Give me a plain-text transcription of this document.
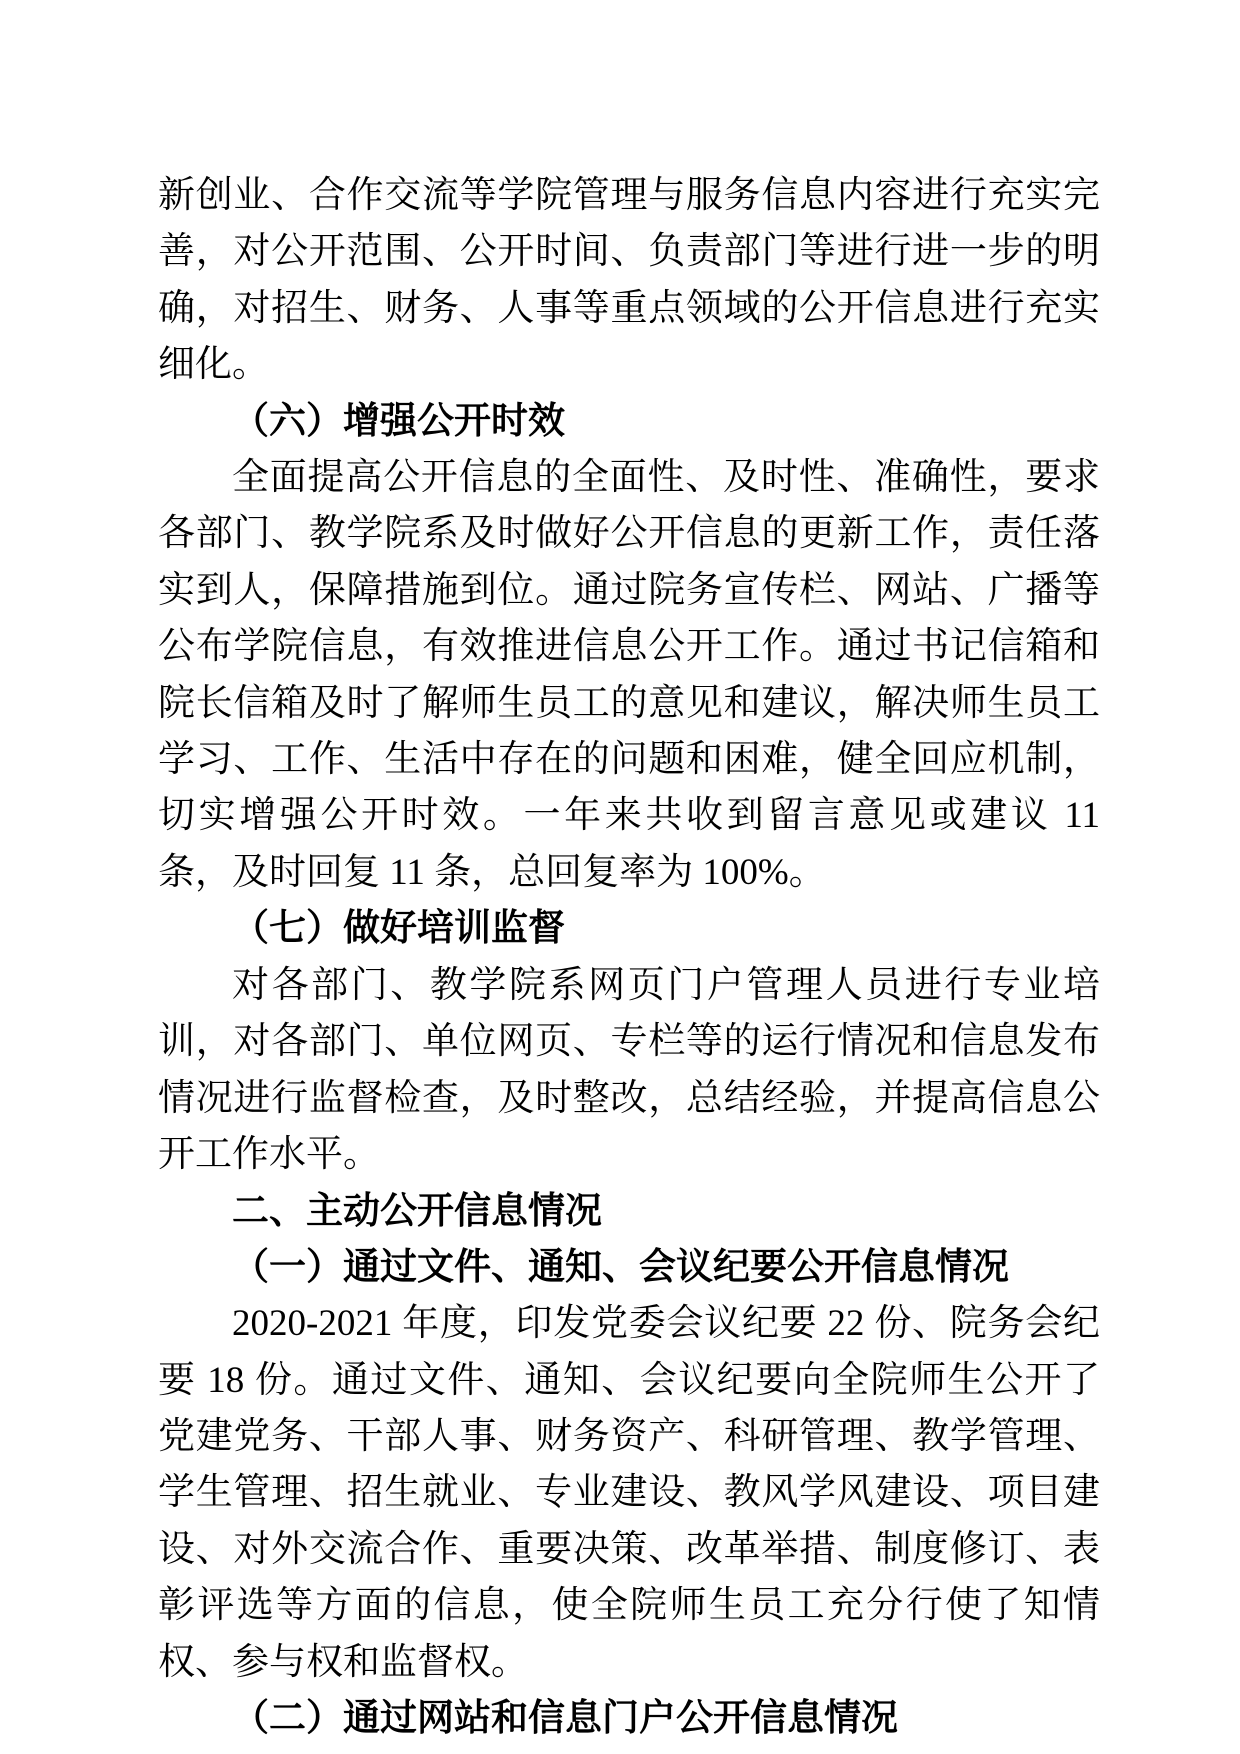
新创业、合作交流等学院管理与服务信息内容进行充实完善，对公开范围、公开时间、负责部门等进行进一步的明确，对招生、财务、人事等重点领域的公开信息进行充实细化。

（六）增强公开时效

全面提高公开信息的全面性、及时性、准确性，要求各部门、教学院系及时做好公开信息的更新工作，责任落实到人，保障措施到位。通过院务宣传栏、网站、广播等公布学院信息，有效推进信息公开工作。通过书记信箱和院长信箱及时了解师生员工的意见和建议，解决师生员工学习、工作、生活中存在的问题和困难，健全回应机制，切实增强公开时效。一年来共收到留言意见或建议 11 条，及时回复 11 条，总回复率为 100%。

（七）做好培训监督

对各部门、教学院系网页门户管理人员进行专业培训，对各部门、单位网页、专栏等的运行情况和信息发布情况进行监督检查，及时整改，总结经验，并提高信息公开工作水平。

二、主动公开信息情况

（一）通过文件、通知、会议纪要公开信息情况

2020-2021 年度，印发党委会议纪要 22 份、院务会纪要 18 份。通过文件、通知、会议纪要向全院师生公开了党建党务、干部人事、财务资产、科研管理、教学管理、学生管理、招生就业、专业建设、教风学风建设、项目建设、对外交流合作、重要决策、改革举措、制度修订、表彰评选等方面的信息，使全院师生员工充分行使了知情权、参与权和监督权。

（二）通过网站和信息门户公开信息情况
